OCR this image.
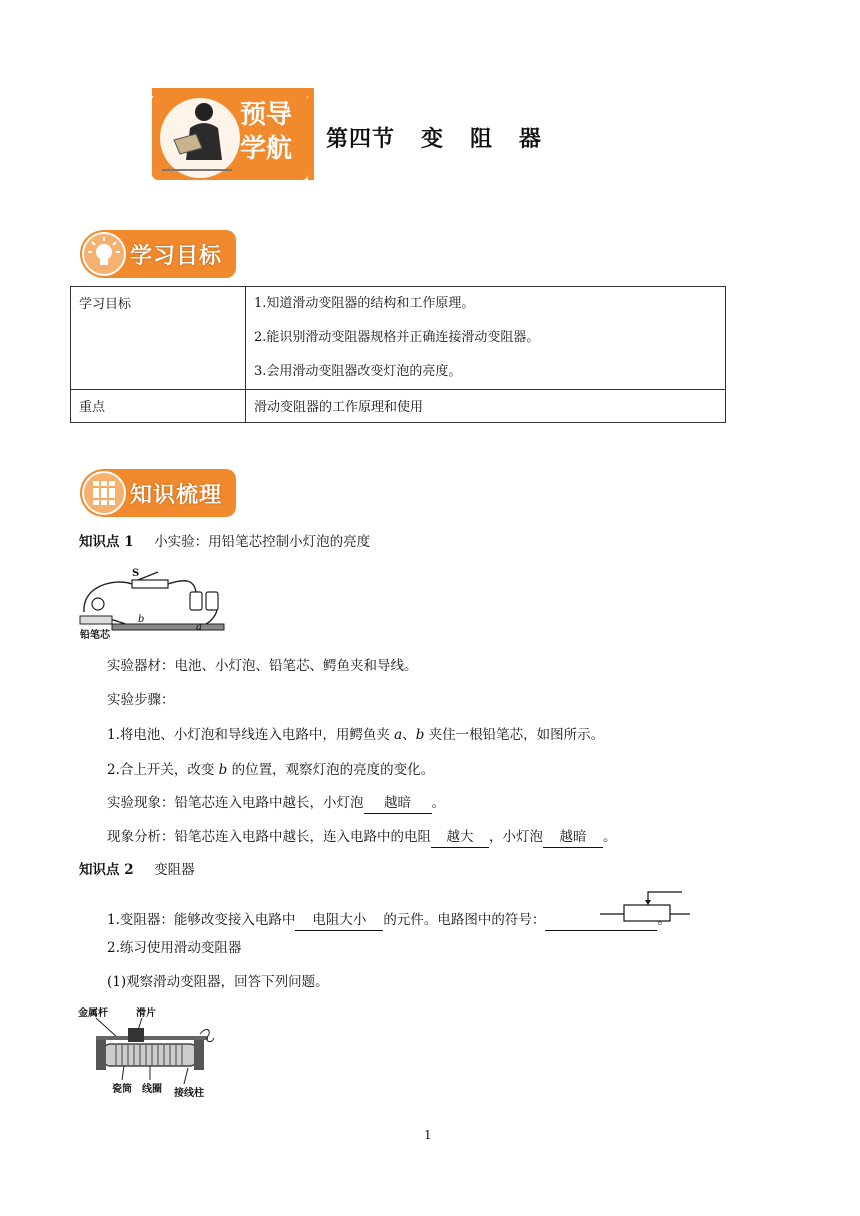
预导
学航 第四节   变   阻   器
学习目标
学习目标	1.知道滑动变阻器的结构和工作原理。
2.能识别滑动变阻器规格并正确连接滑动变阻器。
3.会用滑动变阻器改变灯泡的亮度。

重点	滑动变阻器的工作原理和使用
知识梳理
知识点 1 小实验：用铅笔芯控制小灯泡的亮度
S
b
a
铅笔芯
实验器材：电池、小灯泡、铅笔芯、鳄鱼夹和导线。
实验步骤：
1.将电池、小灯泡和导线连入电路中，用鳄鱼夹 a、b 夹住一根铅笔芯，如图所示。
2.合上开关，改变 b 的位置，观察灯泡的亮度的变化。
实验现象：铅笔芯连入电路中越长，小灯泡 越暗 。
现象分析：铅笔芯连入电路中越长，连入电路中的电阻 越大 ，小灯泡 越暗 。
知识点 2 变阻器
1.变阻器：能够改变接入电路中 电阻大小 的元件。电路图中的符号：
2.练习使用滑动变阻器
(1)观察滑动变阻器，回答下列问题。
金属杆	滑片
瓷筒 线圈 接线柱
1
